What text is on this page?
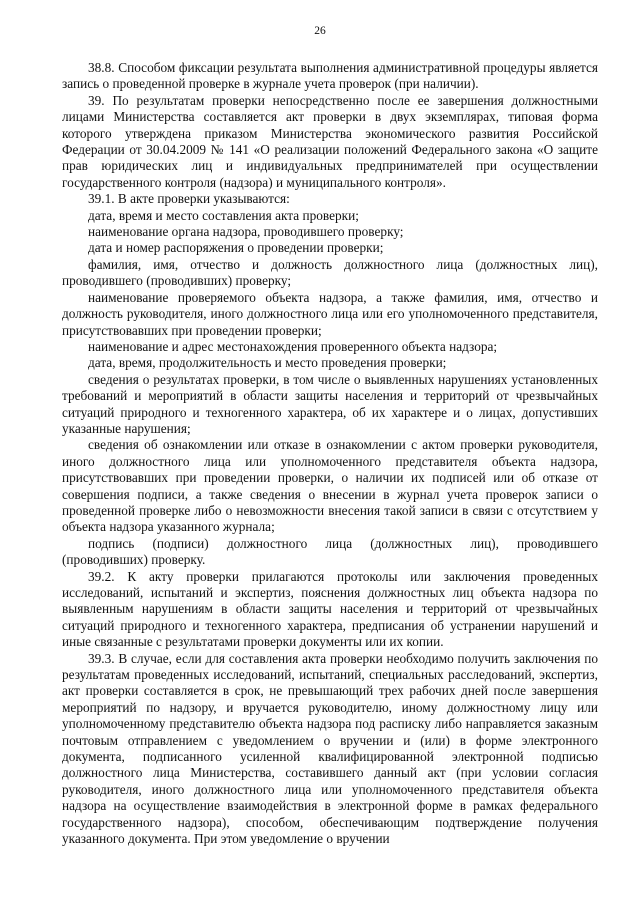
26

38.8. Способом фиксации результата выполнения административной процедуры является запись о проведенной проверке в журнале учета проверок (при наличии).

39. По результатам проверки непосредственно после ее завершения должностными лицами Министерства составляется акт проверки в двух экземплярах, типовая форма которого утверждена приказом Министерства экономического развития Российской Федерации от 30.04.2009 № 141 «О реализации положений Федерального закона «О защите прав юридических лиц и индивидуальных предпринимателей при осуществлении государственного контроля (надзора) и муниципального контроля».

39.1. В акте проверки указываются:

дата, время и место составления акта проверки;

наименование органа надзора, проводившего проверку;

дата и номер распоряжения о проведении проверки;

фамилия, имя, отчество и должность должностного лица (должностных лиц), проводившего (проводивших) проверку;

наименование проверяемого объекта надзора, а также фамилия, имя, отчество и должность руководителя, иного должностного лица или его уполномоченного представителя, присутствовавших при проведении проверки;

наименование и адрес местонахождения проверенного объекта надзора;

дата, время, продолжительность и место проведения проверки;

сведения о результатах проверки, в том числе о выявленных нарушениях установленных требований и мероприятий в области защиты населения и территорий от чрезвычайных ситуаций природного и техногенного характера, об их характере и о лицах, допустивших указанные нарушения;

сведения об ознакомлении или отказе в ознакомлении с актом проверки руководителя, иного должностного лица или уполномоченного представителя объекта надзора, присутствовавших при проведении проверки, о наличии их подписей или об отказе от совершения подписи, а также сведения о внесении в журнал учета проверок записи о проведенной проверке либо о невозможности внесения такой записи в связи с отсутствием у объекта надзора указанного журнала;

подпись (подписи) должностного лица (должностных лиц), проводившего (проводивших) проверку.

39.2. К акту проверки прилагаются протоколы или заключения проведенных исследований, испытаний и экспертиз, пояснения должностных лиц объекта надзора по выявленным нарушениям в области защиты населения и территорий от чрезвычайных ситуаций природного и техногенного характера, предписания об устранении нарушений и иные связанные с результатами проверки документы или их копии.

39.3. В случае, если для составления акта проверки необходимо получить заключения по результатам проведенных исследований, испытаний, специальных расследований, экспертиз, акт проверки составляется в срок, не превышающий трех рабочих дней после завершения мероприятий по надзору, и вручается руководителю, иному должностному лицу или уполномоченному представителю объекта надзора под расписку либо направляется заказным почтовым отправлением с уведомлением о вручении и (или) в форме электронного документа, подписанного усиленной квалифицированной электронной подписью должностного лица Министерства, составившего данный акт (при условии согласия руководителя, иного должностного лица или уполномоченного представителя объекта надзора на осуществление взаимодействия в электронной форме в рамках федерального государственного надзора), способом, обеспечивающим подтверждение получения указанного документа. При этом уведомление о вручении
